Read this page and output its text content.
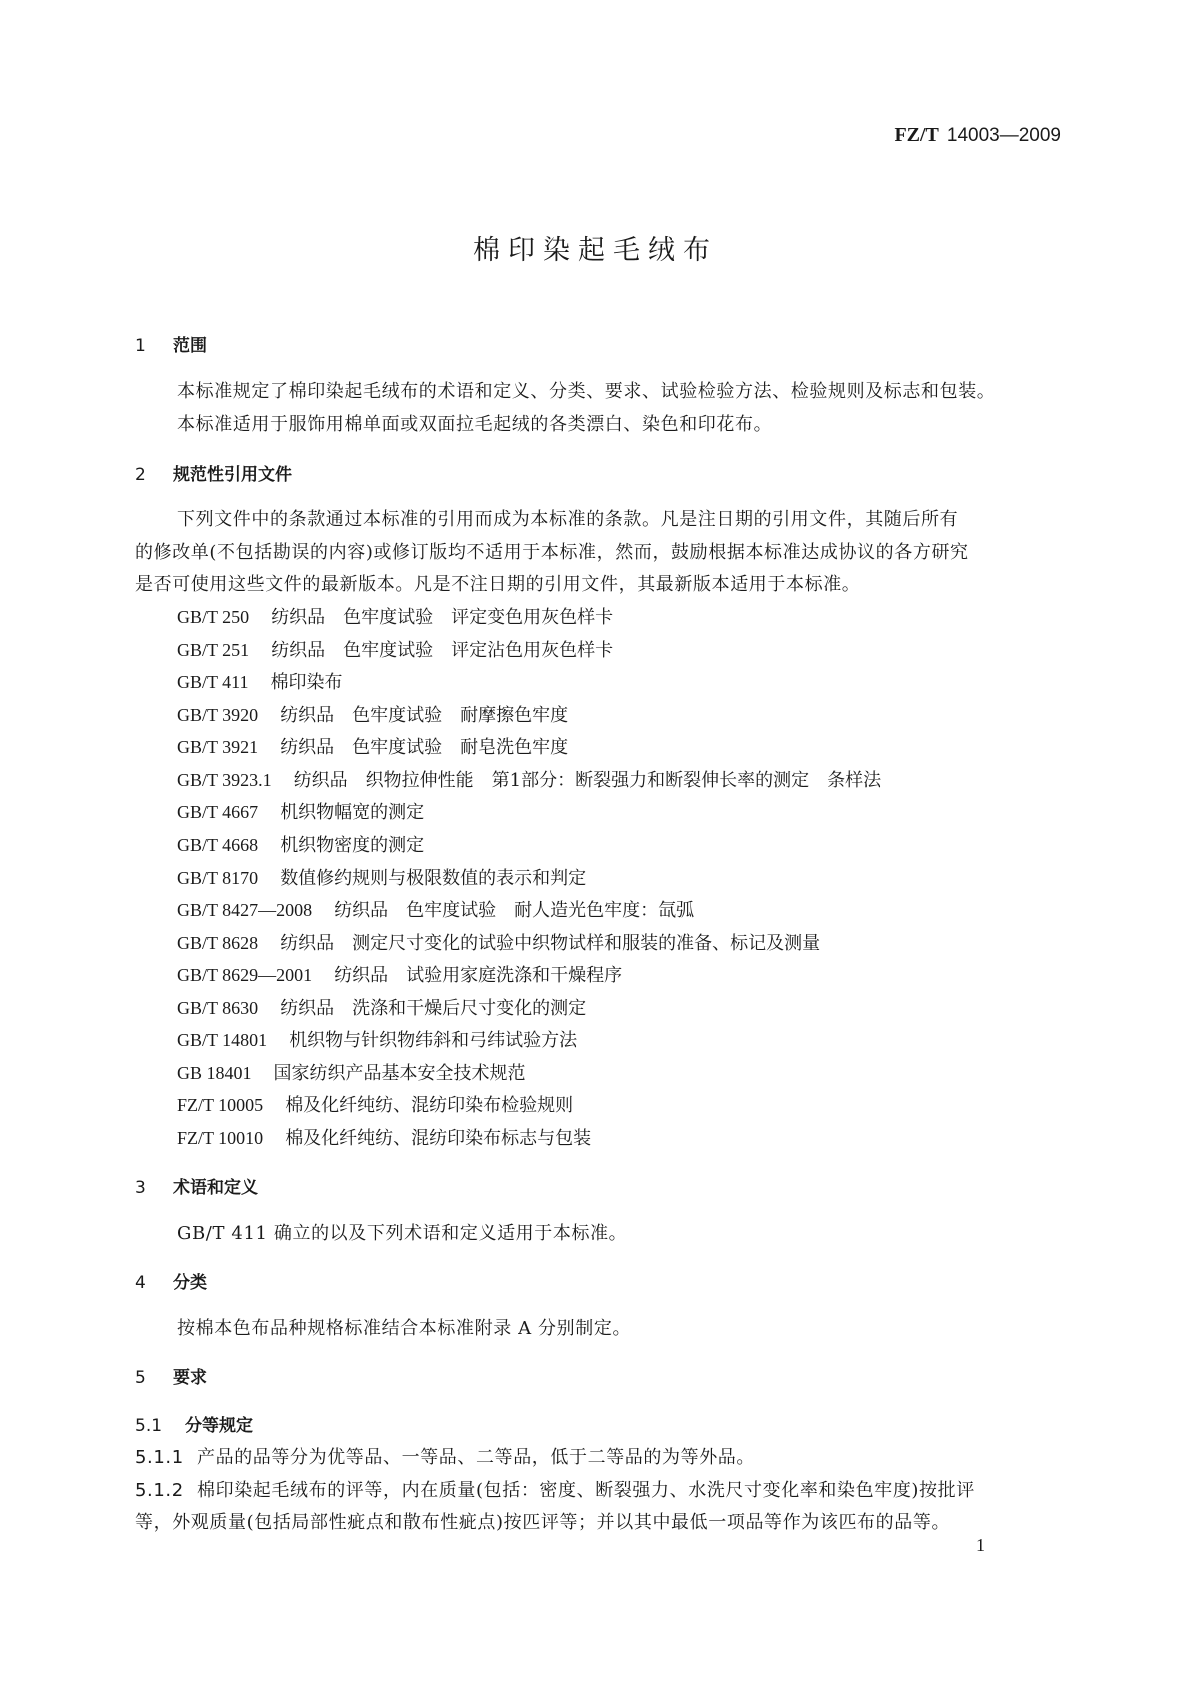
FZ/T 14003—2009
棉印染起毛绒布
1 范围
本标准规定了棉印染起毛绒布的术语和定义、分类、要求、试验检验方法、检验规则及标志和包装。
本标准适用于服饰用棉单面或双面拉毛起绒的各类漂白、染色和印花布。
2 规范性引用文件
下列文件中的条款通过本标准的引用而成为本标准的条款。凡是注日期的引用文件，其随后所有
的修改单(不包括勘误的内容)或修订版均不适用于本标准，然而，鼓励根据本标准达成协议的各方研究
是否可使用这些文件的最新版本。凡是不注日期的引用文件，其最新版本适用于本标准。
GB/T 250 纺织品　色牢度试验　评定变色用灰色样卡
GB/T 251 纺织品　色牢度试验　评定沾色用灰色样卡
GB/T 411 棉印染布
GB/T 3920 纺织品　色牢度试验　耐摩擦色牢度
GB/T 3921 纺织品　色牢度试验　耐皂洗色牢度
GB/T 3923.1 纺织品　织物拉伸性能　第1部分：断裂强力和断裂伸长率的测定　条样法
GB/T 4667 机织物幅宽的测定
GB/T 4668 机织物密度的测定
GB/T 8170 数值修约规则与极限数值的表示和判定
GB/T 8427—2008 纺织品　色牢度试验　耐人造光色牢度：氙弧
GB/T 8628 纺织品　测定尺寸变化的试验中织物试样和服装的准备、标记及测量
GB/T 8629—2001 纺织品　试验用家庭洗涤和干燥程序
GB/T 8630 纺织品　洗涤和干燥后尺寸变化的测定
GB/T 14801 机织物与针织物纬斜和弓纬试验方法
GB 18401 国家纺织产品基本安全技术规范
FZ/T 10005 棉及化纤纯纺、混纺印染布检验规则
FZ/T 10010 棉及化纤纯纺、混纺印染布标志与包装
3 术语和定义
GB/T 411 确立的以及下列术语和定义适用于本标准。
4 分类
按棉本色布品种规格标准结合本标准附录 A 分别制定。
5 要求
5.1 分等规定
5.1.1 产品的品等分为优等品、一等品、二等品，低于二等品的为等外品。
5.1.2 棉印染起毛绒布的评等，内在质量(包括：密度、断裂强力、水洗尺寸变化率和染色牢度)按批评
等，外观质量(包括局部性疵点和散布性疵点)按匹评等；并以其中最低一项品等作为该匹布的品等。
1
